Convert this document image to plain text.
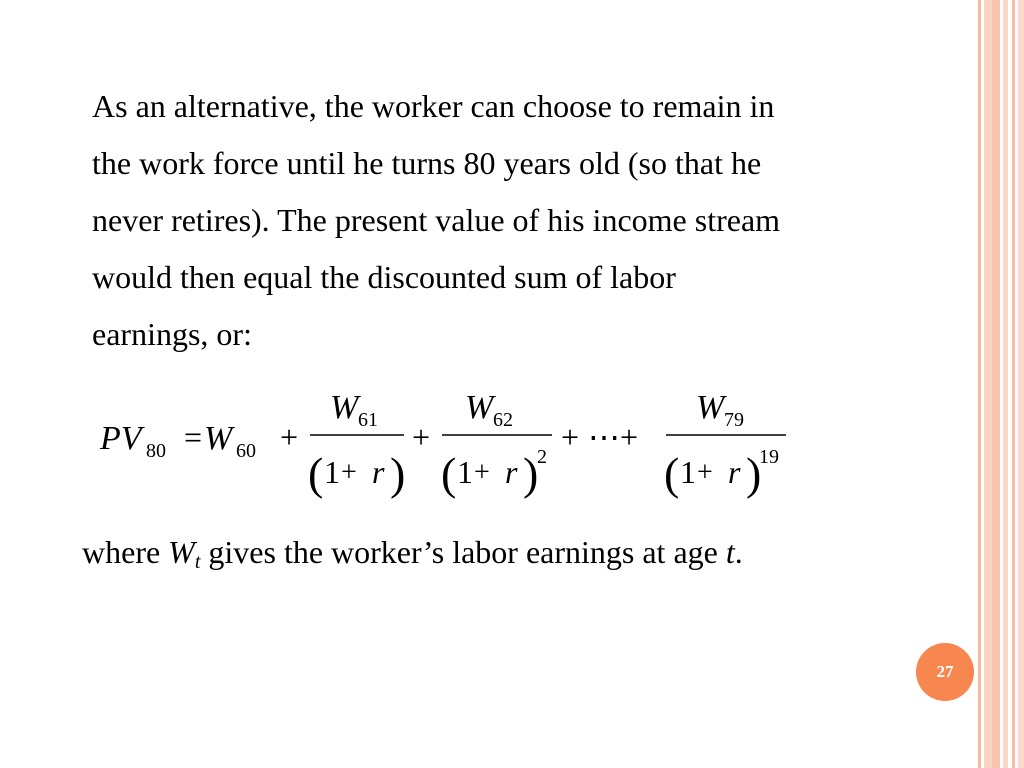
As an alternative, the worker can choose to remain in
the work force until he turns 80 years old (so that he
never retires). The present value of his income stream
would then equal the discounted sum of labor
earnings, or:
PV 80 = W 60 +
W 61
( 1 + r )
+
W 62
( 1 + r )
2
+ ⋯ +
W 79
( 1 + r )
19
where $W_t$ gives the worker’s labor earnings at age t.
27
